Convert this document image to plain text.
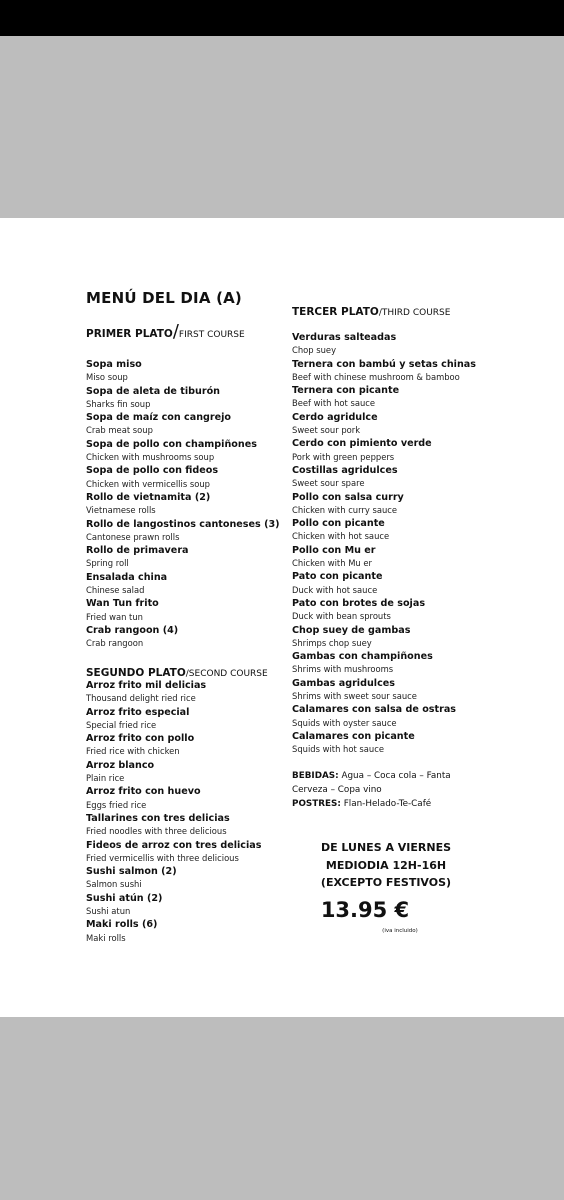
MENÚ DEL DIA (A)
PRIMER PLATO/FIRST COURSE
Sopa miso
Miso soup
Sopa de aleta de tiburón
Sharks fin soup
Sopa de maíz con cangrejo
Crab meat soup
Sopa de pollo con champiñones
Chicken with mushrooms soup
Sopa de pollo con fideos
Chicken with vermicellis soup
Rollo de vietnamita (2)
Vietnamese rolls
Rollo de langostinos cantoneses (3)
Cantonese prawn rolls
Rollo de primavera
Spring roll
Ensalada china
Chinese salad
Wan Tun frito
Fried wan tun
Crab rangoon (4)
Crab rangoon
SEGUNDO PLATO/SECOND COURSE
Arroz frito mil delicias
Thousand delight ried rice
Arroz frito especial
Special fried rice
Arroz frito con pollo
Fried rice with chicken
Arroz blanco
Plain rice
Arroz frito con huevo
Eggs fried rice
Tallarines con tres delicias
Fried noodles with three delicious
Fideos de arroz con tres delicias
Fried vermicellis with three delicious
Sushi salmon (2)
Salmon sushi
Sushi atún (2)
Sushi atun
Maki rolls (6)
Maki rolls
TERCER PLATO/THIRD COURSE
Verduras salteadas
Chop suey
Ternera con bambú y setas chinas
Beef with chinese mushroom & bamboo
Ternera con picante
Beef with hot sauce
Cerdo agridulce
Sweet sour pork
Cerdo con pimiento verde
Pork with green peppers
Costillas agridulces
Sweet sour spare
Pollo con salsa curry
Chicken with curry sauce
Pollo con picante
Chicken with hot sauce
Pollo con Mu er
Chicken with Mu er
Pato con picante
Duck with hot sauce
Pato con brotes de sojas
Duck with bean sprouts
Chop suey de gambas
Shrimps chop suey
Gambas con champiñones
Shrims with mushrooms
Gambas agridulces
Shrims with sweet sour sauce
Calamares con salsa de ostras
Squids with oyster sauce
Calamares con picante
Squids with hot sauce
BEBIDAS: Agua – Coca cola – Fanta
Cerveza – Copa vino
POSTRES: Flan-Helado-Te-Café
DE LUNES A VIERNES
MEDIODIA 12H-16H
(EXCEPTO FESTIVOS)
13.95 €
(iva incluido)
